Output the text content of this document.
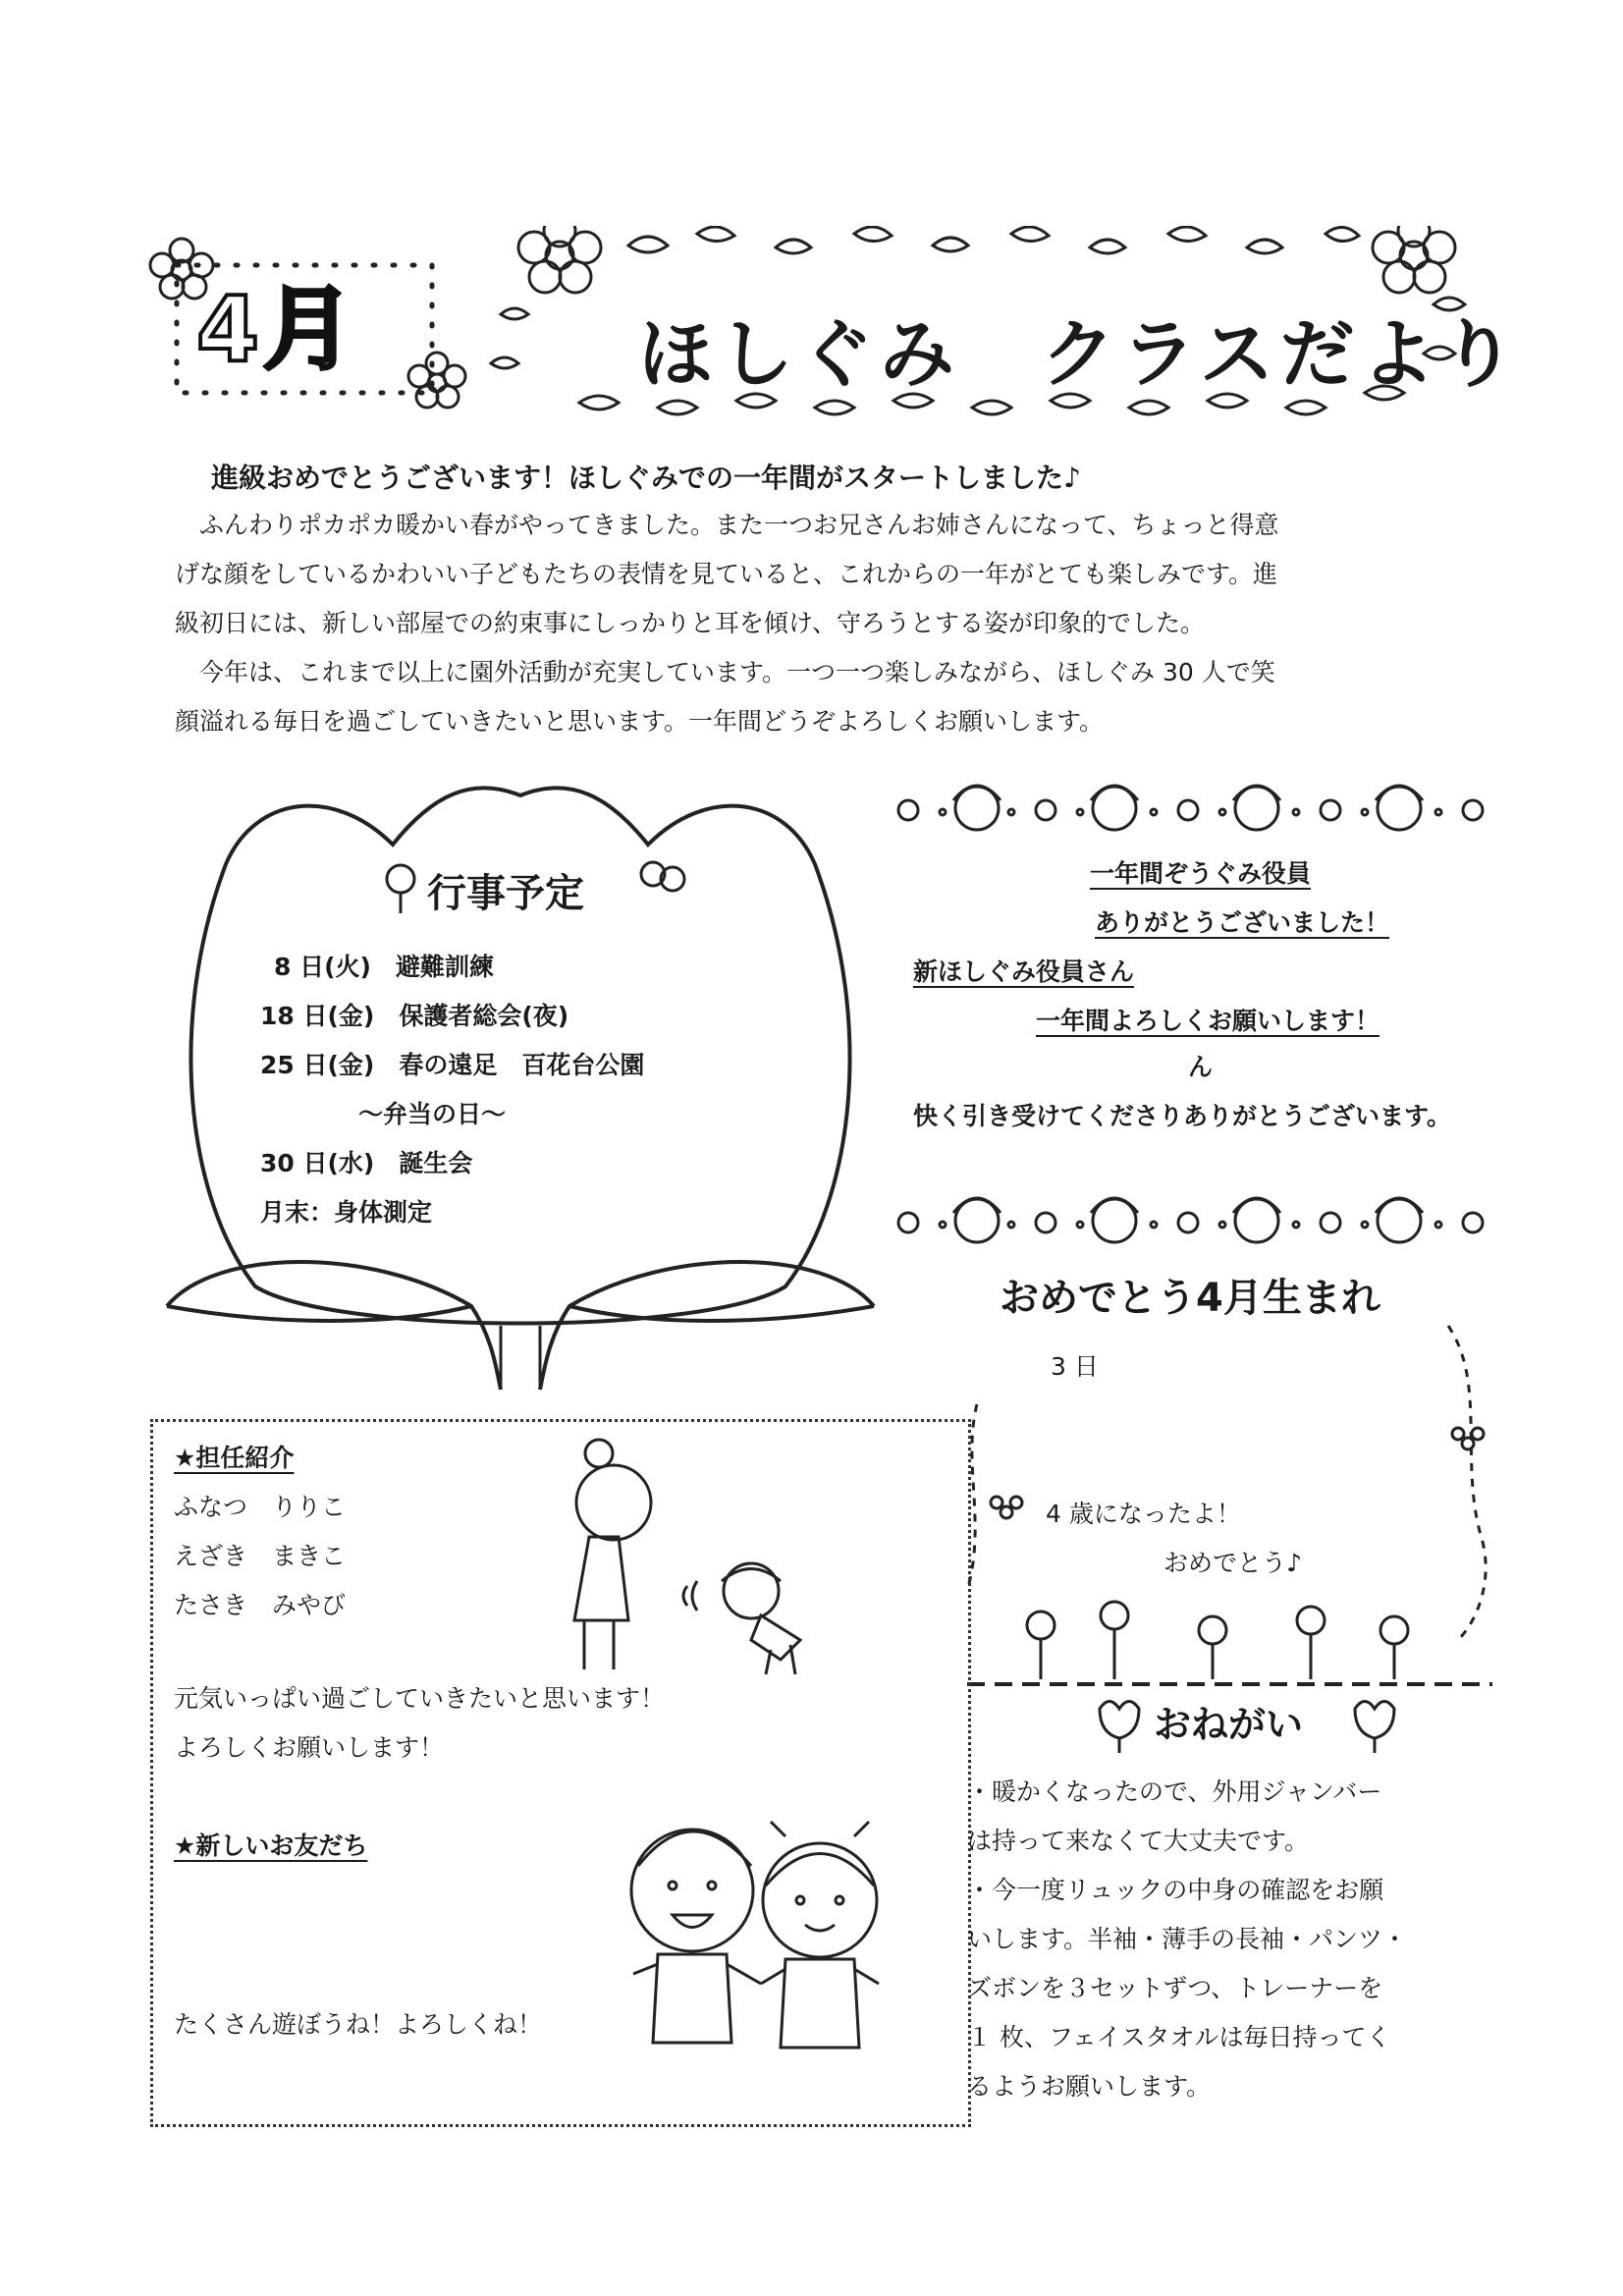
4月	ほしぐみ　クラスだより
進級おめでとうございます！ほしぐみでの一年間がスタートしました♪
　ふんわりポカポカ暖かい春がやってきました。また一つお兄さんお姉さんになって、ちょっと得意
げな顔をしているかわいい子どもたちの表情を見ていると、これからの一年がとても楽しみです。進
級初日には、新しい部屋での約束事にしっかりと耳を傾け、守ろうとする姿が印象的でした。
　今年は、これまで以上に園外活動が充実しています。一つ一つ楽しみながら、ほしぐみ 30 人で笑
顔溢れる毎日を過ごしていきたいと思います。一年間どうぞよろしくお願いします。
行事予定
8 日(火)　避難訓練
18 日(金)　保護者総会(夜)
25 日(金)　春の遠足　百花台公園
　　　　～弁当の日～
30 日(水)　誕生会
月末：身体測定
一年間ぞうぐみ役員
ありがとうございました！
新ほしぐみ役員さん
一年間よろしくお願いします！
ん
快く引き受けてくださりありがとうございます。
おめでとう4月生まれ
3 日
4 歳になったよ！
おめでとう♪
★担任紹介
ふなつ　りりこ
えざき　まきこ
たさき　みやび
元気いっぱい過ごしていきたいと思います！
よろしくお願いします！
★新しいお友だち
たくさん遊ぼうね！よろしくね！
おねがい
・暖かくなったので、外用ジャンバー
は持って来なくて大丈夫です。
・今一度リュックの中身の確認をお願
いします。半袖・薄手の長袖・パンツ・
ズボンを３セットずつ、トレーナーを
１ 枚、フェイスタオルは毎日持ってく
るようお願いします。
